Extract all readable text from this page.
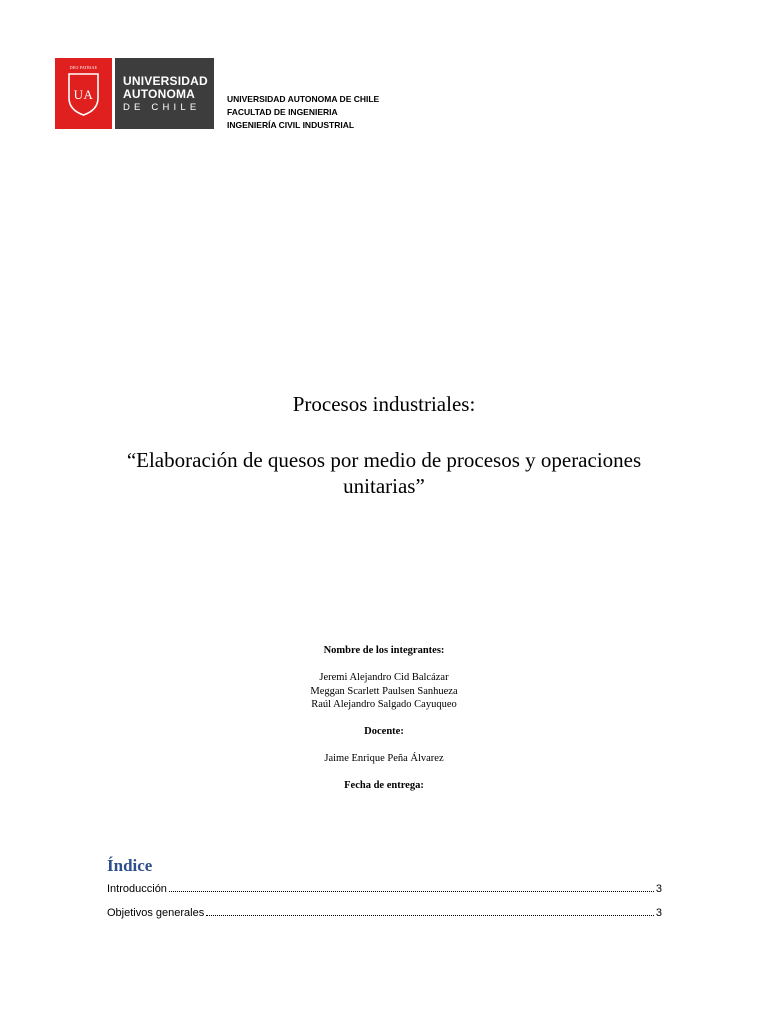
DEO PATRIAE
UA
UNIVERSIDAD
AUTONOMA
DE CHILE
UNIVERSIDAD AUTONOMA DE CHILE
FACULTAD DE INGENIERIA
INGENIERÍA CIVIL INDUSTRIAL
Procesos industriales:
“Elaboración de quesos por medio de procesos y operaciones unitarias”
Nombre de los integrantes:
Jeremi Alejandro Cid Balcázar
Meggan Scarlett Paulsen Sanhueza
Raúl Alejandro Salgado Cayuqueo
Docente:
Jaime Enrique Peña Álvarez
Fecha de entrega:
Índice
Introducción	3
Objetivos generales	3
